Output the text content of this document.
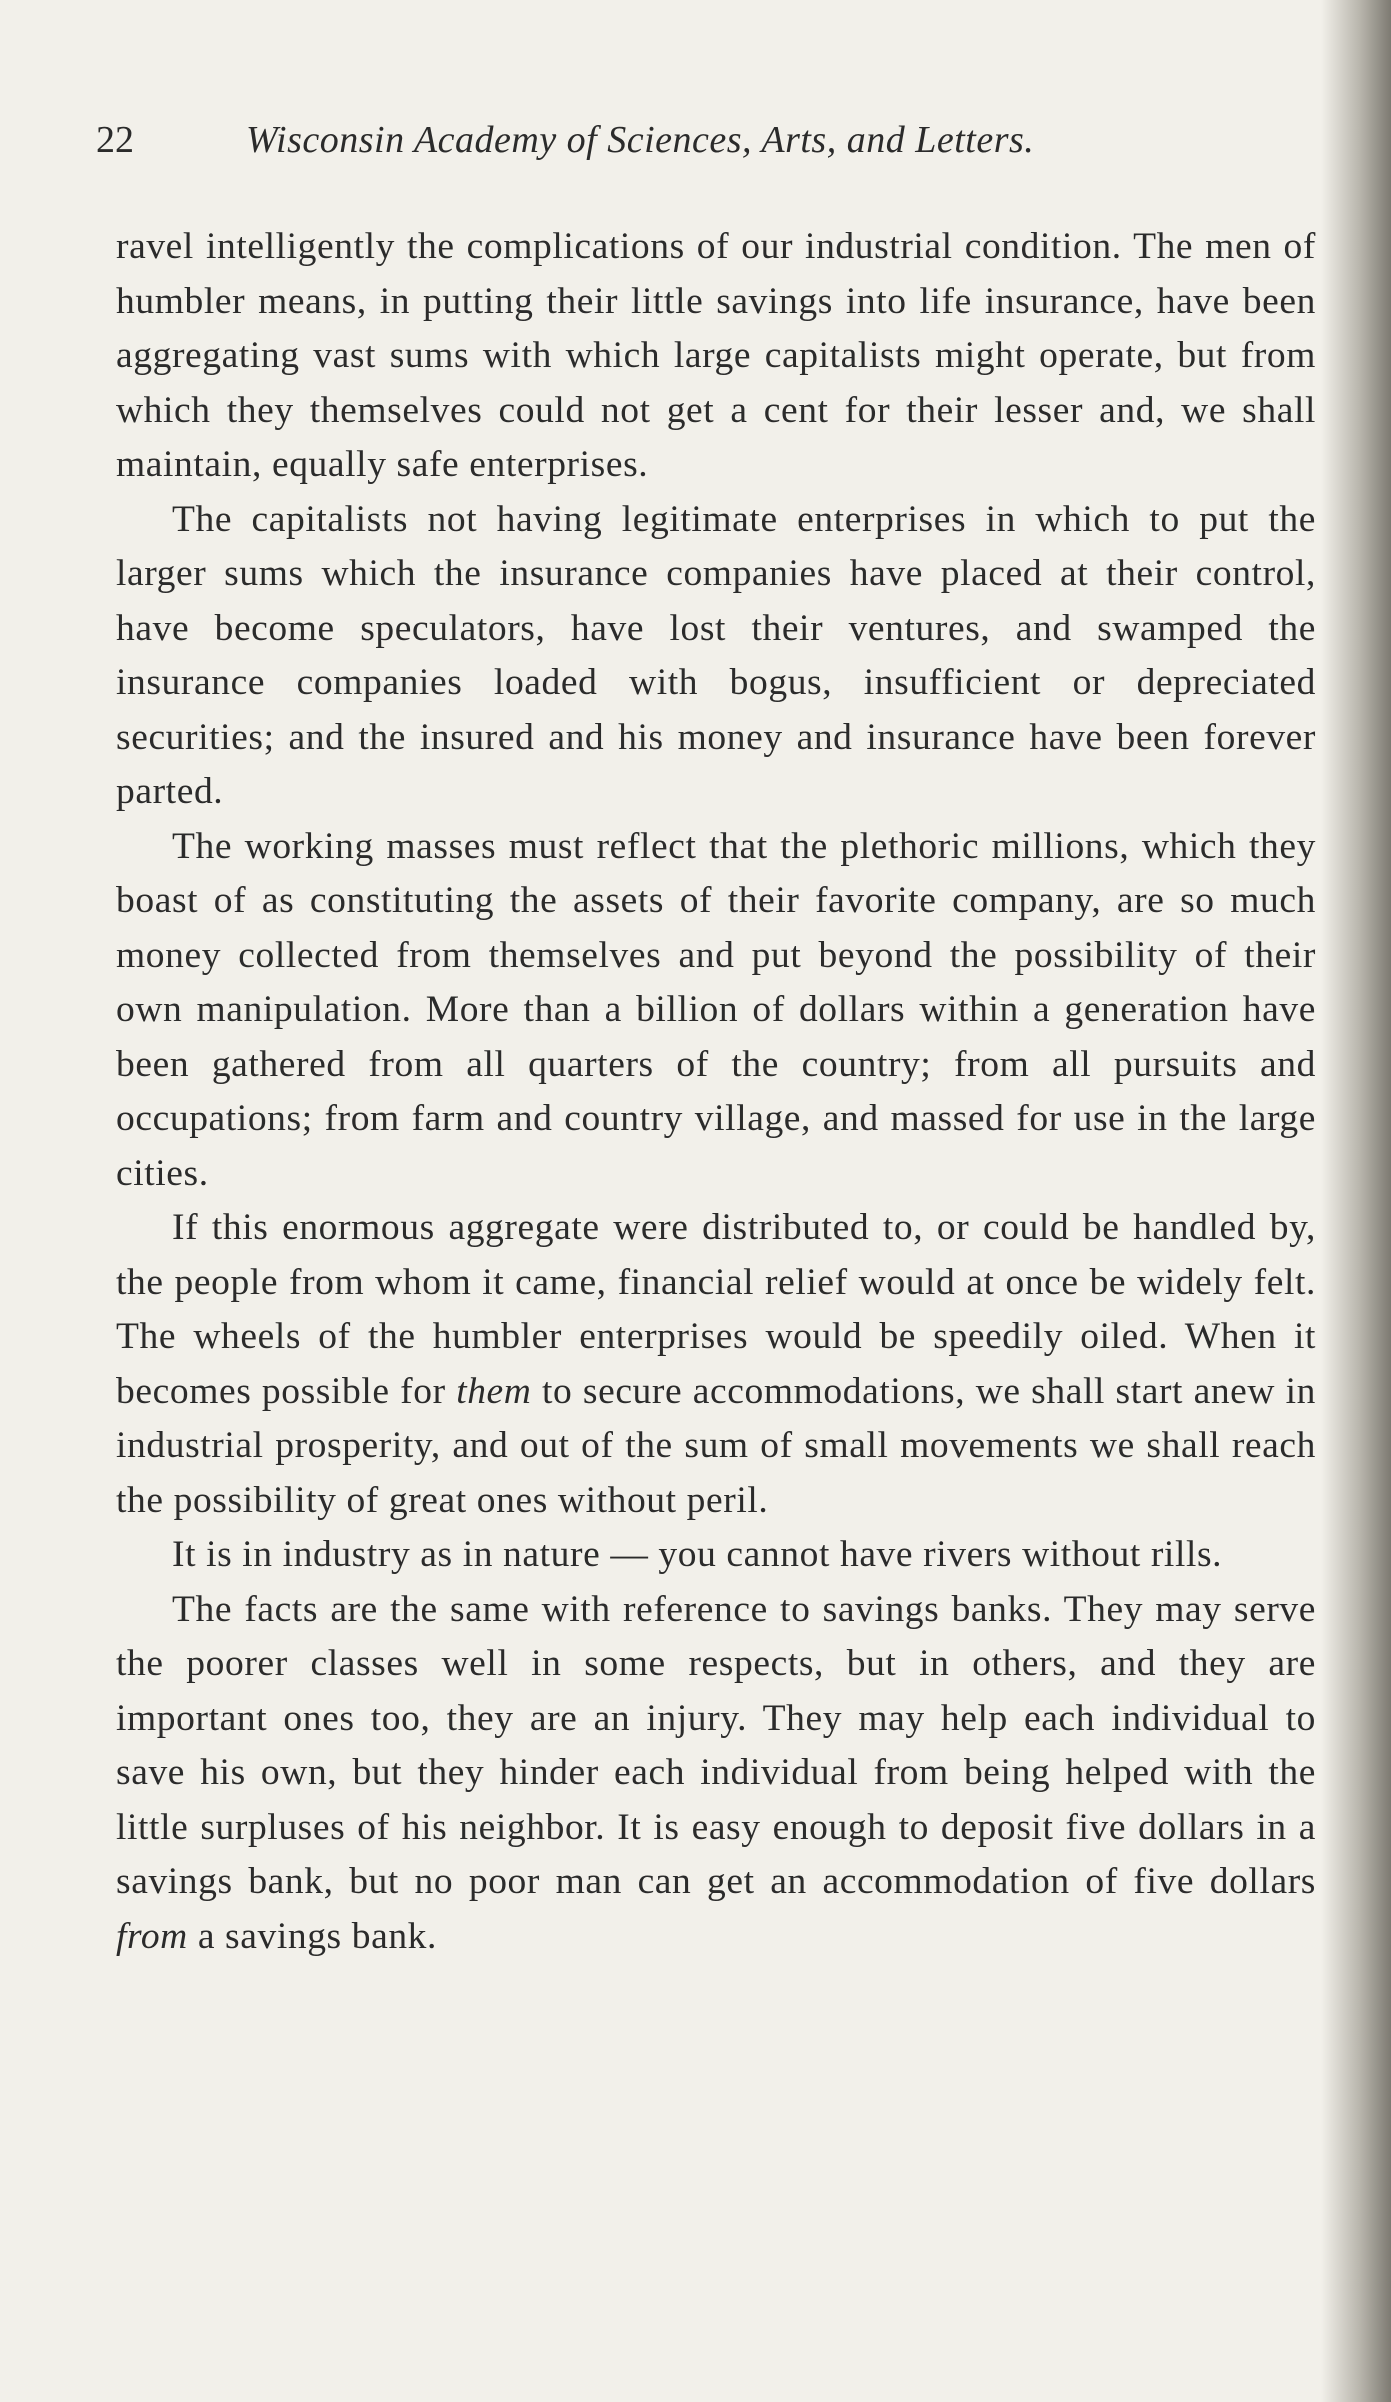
22	Wisconsin Academy of Sciences, Arts, and Letters.

ravel intelligently the complications of our industrial condition. The men of humbler means, in putting their little savings into life insurance, have been aggregating vast sums with which large capitalists might operate, but from which they themselves could not get a cent for their lesser and, we shall maintain, equally safe enterprises.

The capitalists not having legitimate enterprises in which to put the larger sums which the insurance companies have placed at their control, have become speculators, have lost their ventures, and swamped the insurance companies loaded with bogus, insufficient or depreciated securities; and the insured and his money and insurance have been forever parted.

The working masses must reflect that the plethoric millions, which they boast of as constituting the assets of their favorite company, are so much money collected from themselves and put beyond the possibility of their own manipulation. More than a billion of dollars within a generation have been gathered from all quarters of the country; from all pursuits and occupations; from farm and country village, and massed for use in the large cities.

If this enormous aggregate were distributed to, or could be handled by, the people from whom it came, financial relief would at once be widely felt. The wheels of the humbler enterprises would be speedily oiled. When it becomes possible for them to secure accommodations, we shall start anew in industrial prosperity, and out of the sum of small movements we shall reach the possibility of great ones without peril.

It is in industry as in nature — you cannot have rivers without rills.

The facts are the same with reference to savings banks. They may serve the poorer classes well in some respects, but in others, and they are important ones too, they are an injury. They may help each individual to save his own, but they hinder each individual from being helped with the little surpluses of his neighbor. It is easy enough to deposit five dollars in a savings bank, but no poor man can get an accommodation of five dollars from a savings bank.
